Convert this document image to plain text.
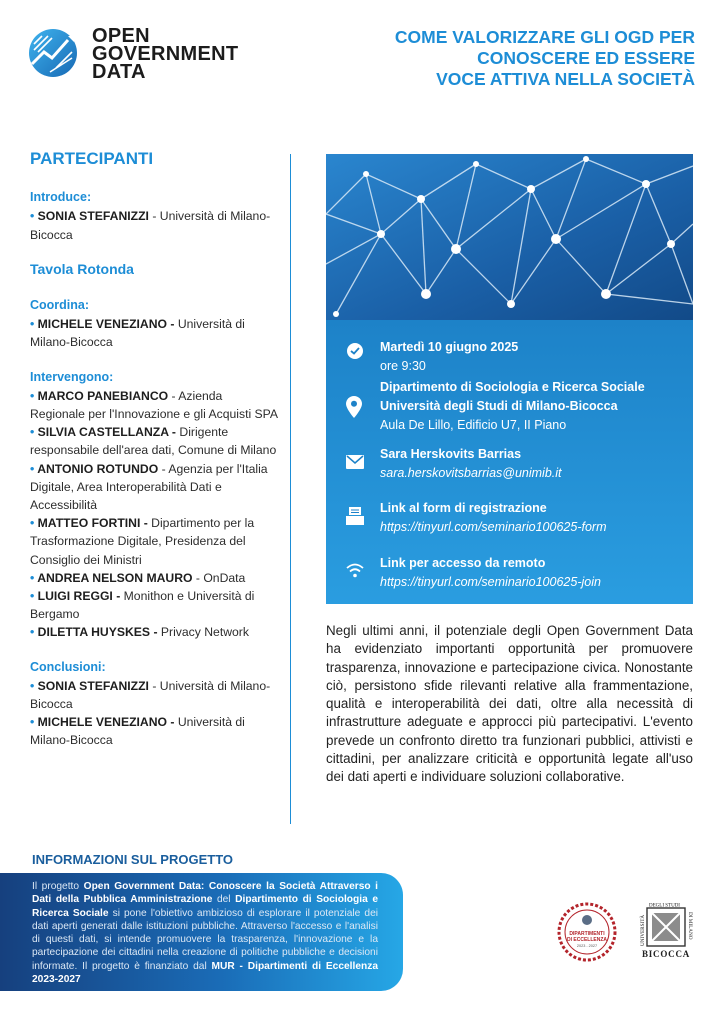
OPEN
GOVERNMENT
DATA
COME VALORIZZARE GLI OGD PER
CONOSCERE ED ESSERE
VOCE ATTIVA NELLA SOCIETÀ
PARTECIPANTI
Introduce:
• SONIA STEFANIZZI - Università di Milano-Bicocca
Tavola Rotonda
Coordina:
• MICHELE VENEZIANO - Università di Milano-Bicocca
Intervengono:
• MARCO PANEBIANCO - Azienda Regionale per l'Innovazione e gli Acquisti SPA
• SILVIA CASTELLANZA - Dirigente responsabile dell'area dati, Comune di Milano
• ANTONIO ROTUNDO - Agenzia per l'Italia Digitale, Area Interoperabilità Dati e Accessibilità
• MATTEO FORTINI - Dipartimento per la Trasformazione Digitale, Presidenza del Consiglio dei Ministri
• ANDREA NELSON MAURO - OnData
• LUIGI REGGI - Monithon e Università di Bergamo
• DILETTA HUYSKES - Privacy Network
Conclusioni:
• SONIA STEFANIZZI - Università di Milano-Bicocca
• MICHELE VENEZIANO - Università di Milano-Bicocca
Martedì 10 giugno 2025
ore 9:30
Dipartimento di Sociologia e Ricerca Sociale
Università degli Studi di Milano-Bicocca
Aula De Lillo, Edificio U7, II Piano
Sara Herskovits Barrias
sara.herskovitsbarrias@unimib.it
Link al form di registrazione
https://tinyurl.com/seminario100625-form
Link per accesso da remoto
https://tinyurl.com/seminario100625-join
Negli ultimi anni, il potenziale degli Open Government Data ha evidenziato importanti opportunità per promuovere trasparenza, innovazione e partecipazione civica. Nonostante ciò, persistono sfide rilevanti relative alla frammentazione, qualità e interoperabilità dei dati, oltre alla necessità di infrastrutture adeguate e approcci più partecipativi. L'evento prevede un confronto diretto tra funzionari pubblici, attivisti e cittadini, per analizzare criticità e opportunità legate all'uso dei dati aperti e individuare soluzioni collaborative.
INFORMAZIONI SUL PROGETTO
Il progetto Open Government Data: Conoscere la Società Attraverso i Dati della Pubblica Amministrazione del Dipartimento di Sociologia e Ricerca Sociale si pone l'obiettivo ambizioso di esplorare il potenziale dei dati aperti generati dalle istituzioni pubbliche. Attraverso l'accesso e l'analisi di questi dati, si intende promuovere la trasparenza, l'innovazione e la partecipazione dei cittadini nella creazione di politiche pubbliche e decisioni informate. Il progetto è finanziato dal MUR - Dipartimenti di Eccellenza 2023-2027
DIPARTIMENTI
DI ECCELLENZA
2023 - 2027	UNIVERSITÀ
DEGLI STUDI
DI MILANO
BICOCCA
